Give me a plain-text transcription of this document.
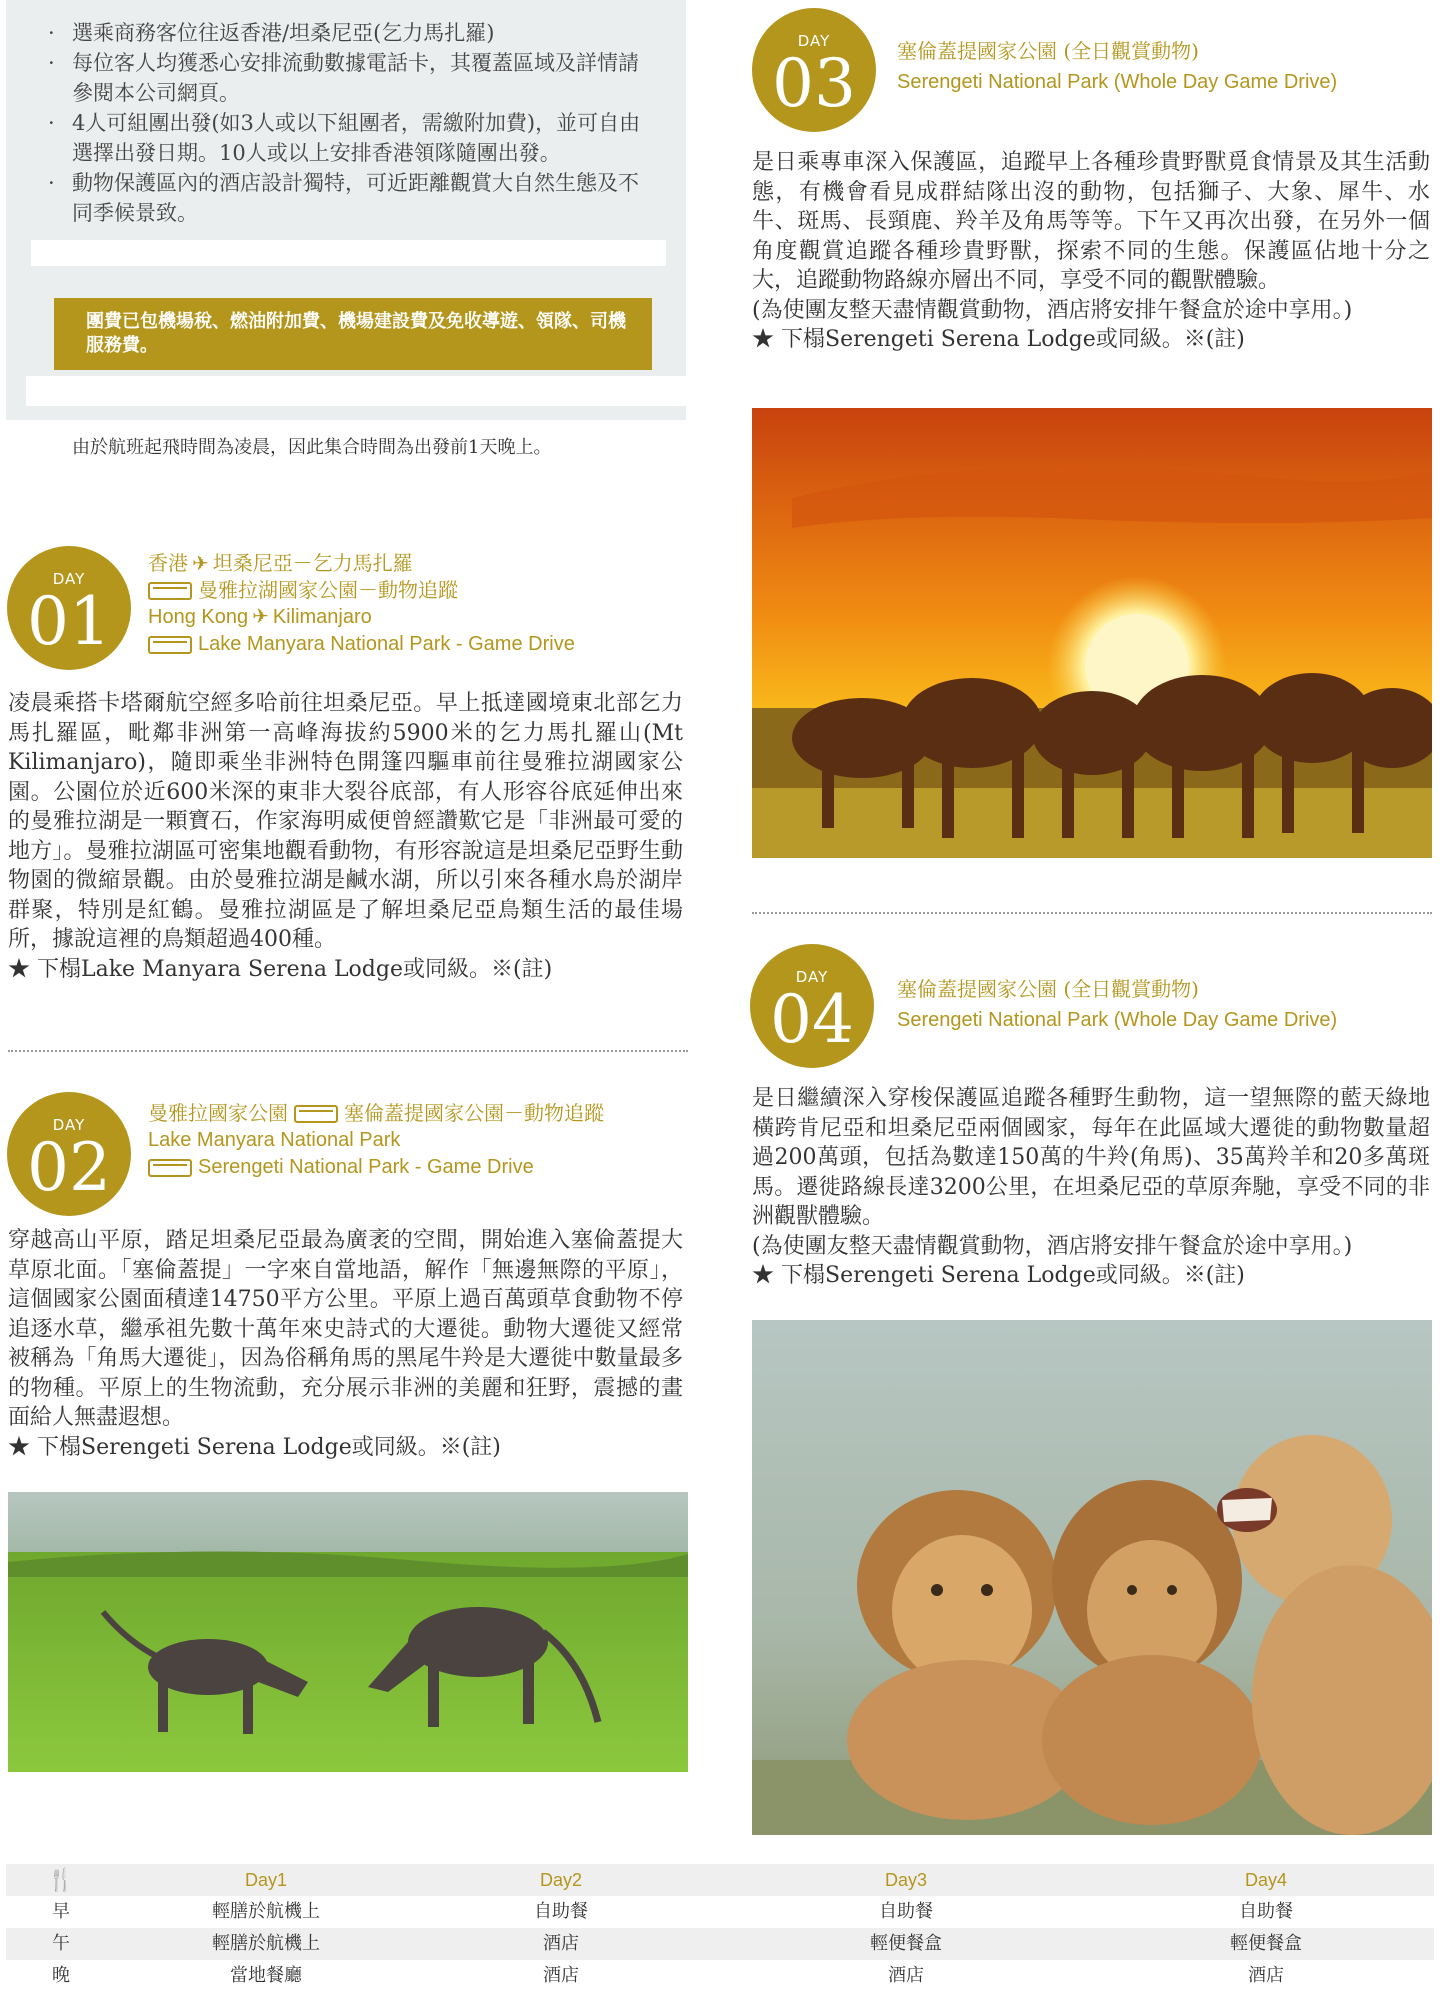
· 選乘商務客位往返香港/坦桑尼亞(乞力馬扎羅)
· 每位客人均獲悉心安排流動數據電話卡，其覆蓋區域及詳情請參閱本公司網頁。
· 4人可組團出發(如3人或以下組團者，需繳附加費)，並可自由選擇出發日期。10人或以上安排香港領隊隨團出發。
· 動物保護區內的酒店設計獨特，可近距離觀賞大自然生態及不同季候景致。
團費已包機場稅、燃油附加費、機場建設費及免收導遊、領隊、司機服務費。
由於航班起飛時間為凌晨，因此集合時間為出發前1天晚上。
DAY
01
香港 ✈ 坦桑尼亞－乞力馬扎羅
曼雅拉湖國家公園－動物追蹤
Hong Kong ✈ Kilimanjaro
Lake Manyara National Park - Game Drive

凌晨乘搭卡塔爾航空經多哈前往坦桑尼亞。早上抵達國境東北部乞力馬扎羅區，毗鄰非洲第一高峰海拔約5900米的乞力馬扎羅山(Mt Kilimanjaro)，隨即乘坐非洲特色開篷四驅車前往曼雅拉湖國家公園。公園位於近600米深的東非大裂谷底部，有人形容谷底延伸出來的曼雅拉湖是一顆寶石，作家海明威便曾經讚歎它是「非洲最可愛的地方」。曼雅拉湖區可密集地觀看動物，有形容說這是坦桑尼亞野生動物園的微縮景觀。由於曼雅拉湖是鹹水湖，所以引來各種水鳥於湖岸群聚，特別是紅鶴。曼雅拉湖區是了解坦桑尼亞鳥類生活的最佳場所，據說這裡的鳥類超過400種。

★ 下榻Lake Manyara Serena Lodge或同級。※(註)

DAY
02
曼雅拉國家公園	塞倫蓋提國家公園－動物追蹤
Lake Manyara National Park
Serengeti National Park - Game Drive

穿越高山平原，踏足坦桑尼亞最為廣袤的空間，開始進入塞倫蓋提大草原北面。「塞倫蓋提」一字來自當地語，解作「無邊無際的平原」，這個國家公園面積達14750平方公里。平原上過百萬頭草食動物不停追逐水草，繼承祖先數十萬年來史詩式的大遷徙。動物大遷徙又經常被稱為「角馬大遷徙」，因為俗稱角馬的黑尾牛羚是大遷徙中數量最多的物種。平原上的生物流動，充分展示非洲的美麗和狂野，震撼的畫面給人無盡遐想。

★ 下榻Serengeti Serena Lodge或同級。※(註)

DAY
03	塞倫蓋提國家公園 (全日觀賞動物)
Serengeti National Park (Whole Day Game Drive)

是日乘專車深入保護區，追蹤早上各種珍貴野獸覓食情景及其生活動態，有機會看見成群結隊出沒的動物，包括獅子、大象、犀牛、水牛、斑馬、長頸鹿、羚羊及角馬等等。下午又再次出發，在另外一個角度觀賞追蹤各種珍貴野獸，探索不同的生態。保護區佔地十分之大，追蹤動物路線亦層出不同，享受不同的觀獸體驗。

(為使團友整天盡情觀賞動物，酒店將安排午餐盒於途中享用。)

★ 下榻Serengeti Serena Lodge或同級。※(註)

DAY
04	塞倫蓋提國家公園 (全日觀賞動物)
Serengeti National Park (Whole Day Game Drive)

是日繼續深入穿梭保護區追蹤各種野生動物，這一望無際的藍天綠地橫跨肯尼亞和坦桑尼亞兩個國家，每年在此區域大遷徙的動物數量超過200萬頭，包括為數達150萬的牛羚(角馬)、35萬羚羊和20多萬斑馬。遷徙路線長達3200公里，在坦桑尼亞的草原奔馳，享受不同的非洲觀獸體驗。

(為使團友整天盡情觀賞動物，酒店將安排午餐盒於途中享用。)

★ 下榻Serengeti Serena Lodge或同級。※(註)

🍴	Day1	Day2	Day3	Day4
早	輕膳於航機上	自助餐	自助餐	自助餐
午	輕膳於航機上	酒店	輕便餐盒	輕便餐盒
晚	當地餐廳	酒店	酒店	酒店
